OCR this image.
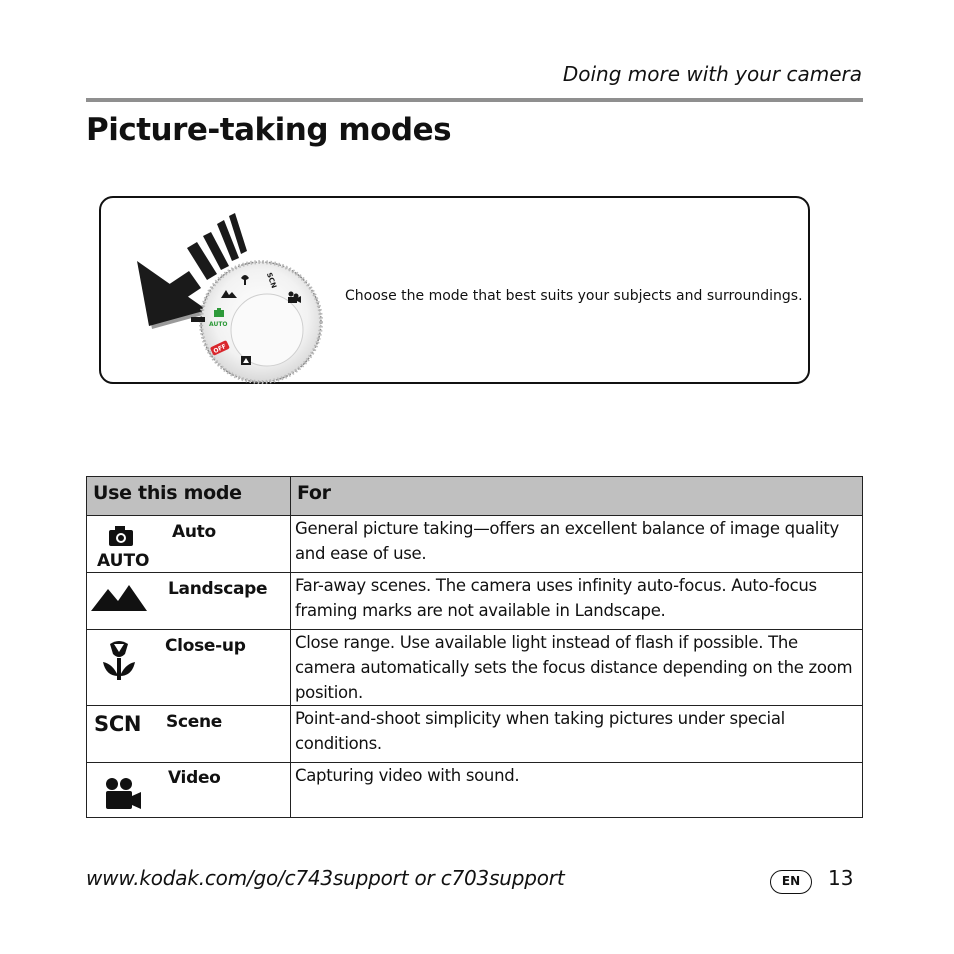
Doing more with your camera
Picture-taking modes
AUTO
OFF
SCN
Choose the mode that best suits your subjects and surroundings.
Use this mode	For

AUTO
Auto	General picture taking—offers an excellent balance of image quality and ease of use.

Landscape	Far-away scenes. The camera uses infinity auto-focus. Auto-focus framing marks are not available in Landscape.

Close-up	Close range. Use available light instead of flash if possible. The camera automatically sets the focus distance depending on the zoom position.

SCN Scene	Point-and-shoot simplicity when taking pictures under special conditions.

Video	Capturing video with sound.
www.kodak.com/go/c743support or c703support	EN	13
